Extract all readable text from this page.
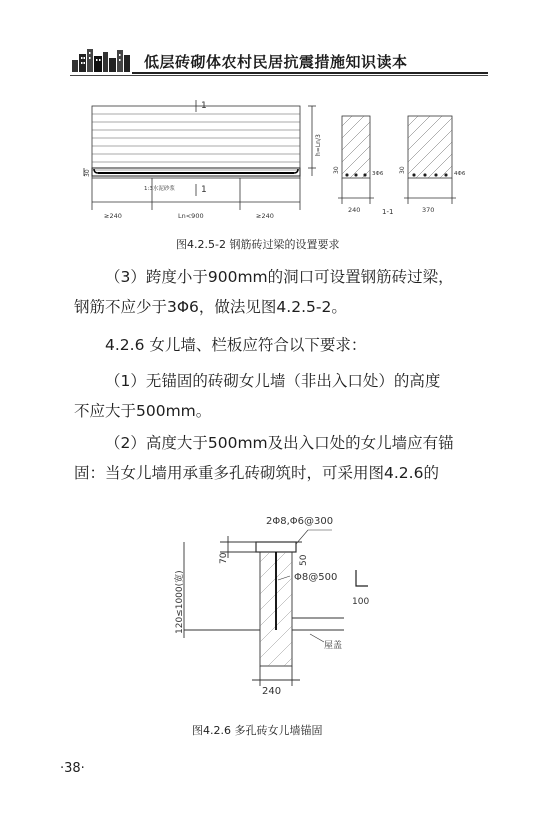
低层砖砌体农村民居抗震措施知识读本
1
1
h=Ln/3
30
1:3水泥砂浆
≥240	Ln<900	≥240
3Φ6
30
240
4Φ6
30
370
1-1
图4.2.5-2 钢筋砖过梁的设置要求
（3）跨度小于900mm的洞口可设置钢筋砖过梁，
钢筋不应少于3Φ6，做法见图4.2.5-2。
4.2.6 女儿墙、栏板应符合以下要求：
（1）无锚固的砖砌女儿墙（非出入口处）的高度
不应大于500mm。
（2）高度大于500mm及出入口处的女儿墙应有锚
固：当女儿墙用承重多孔砖砌筑时，可采用图4.2.6的
2Φ8,Φ6@300
70	50
Φ8@500
100
120≤1000(宽)
屋盖
240
图4.2.6 多孔砖女儿墙锚固
·38·
